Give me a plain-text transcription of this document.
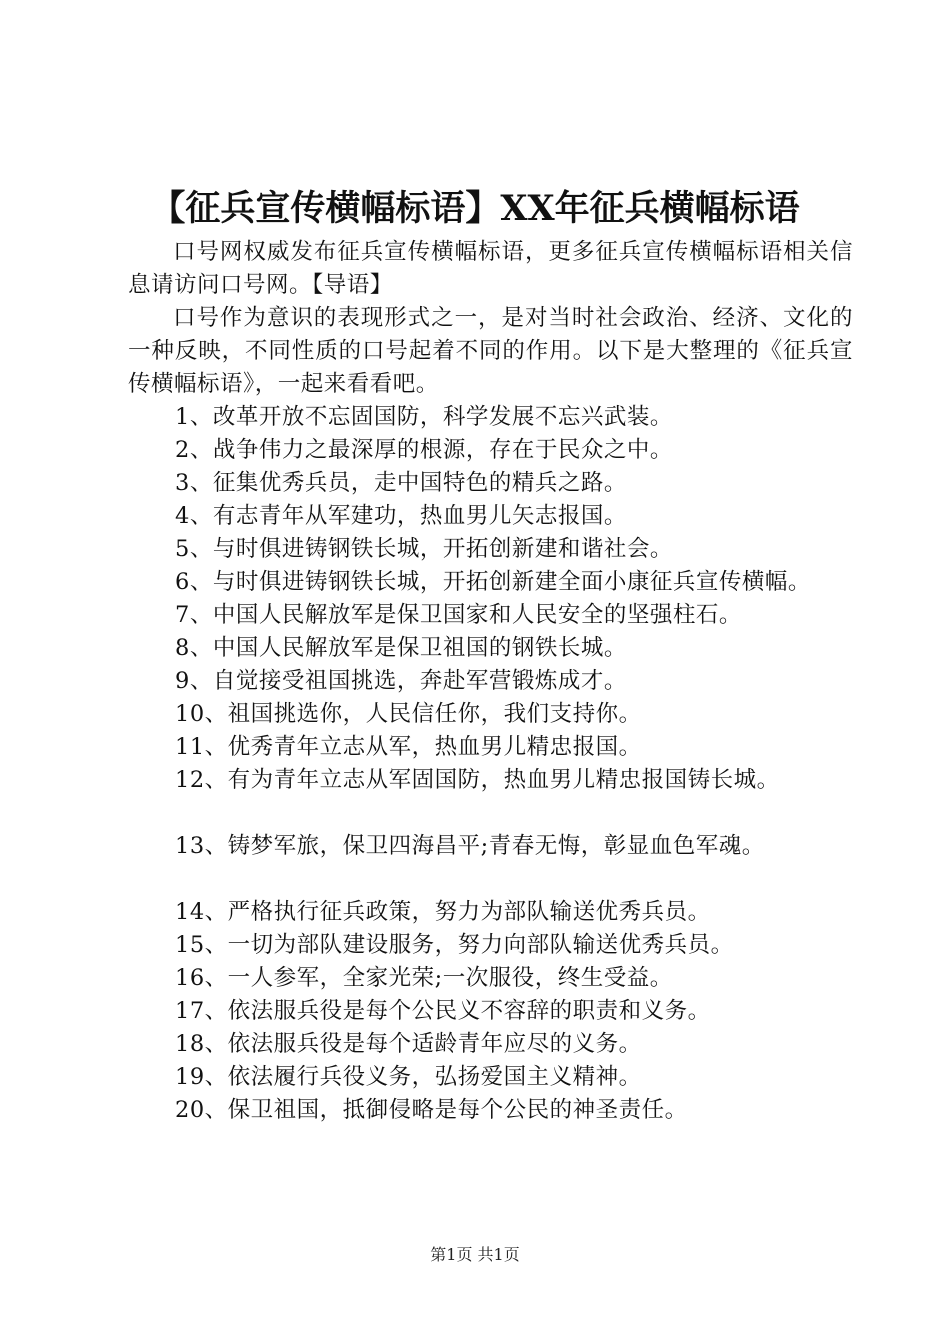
【征兵宣传横幅标语】XX年征兵横幅标语

口号网权威发布征兵宣传横幅标语，更多征兵宣传横幅标语相关信息请访问口号网。【导语】

口号作为意识的表现形式之一，是对当时社会政治、经济、文化的一种反映，不同性质的口号起着不同的作用。以下是大整理的《征兵宣传横幅标语》，一起来看看吧。

1、改革开放不忘固国防，科学发展不忘兴武装。

2、战争伟力之最深厚的根源，存在于民众之中。

3、征集优秀兵员，走中国特色的精兵之路。

4、有志青年从军建功，热血男儿矢志报国。

5、与时俱进铸钢铁长城，开拓创新建和谐社会。

6、与时俱进铸钢铁长城，开拓创新建全面小康征兵宣传横幅。

7、中国人民解放军是保卫国家和人民安全的坚强柱石。

8、中国人民解放军是保卫祖国的钢铁长城。

9、自觉接受祖国挑选，奔赴军营锻炼成才。

10、祖国挑选你，人民信任你，我们支持你。

11、优秀青年立志从军，热血男儿精忠报国。

12、有为青年立志从军固国防，热血男儿精忠报国铸长城。

13、铸梦军旅，保卫四海昌平;青春无悔，彰显血色军魂。

14、严格执行征兵政策，努力为部队输送优秀兵员。

15、一切为部队建设服务，努力向部队输送优秀兵员。

16、一人参军，全家光荣;一次服役，终生受益。

17、依法服兵役是每个公民义不容辞的职责和义务。

18、依法服兵役是每个适龄青年应尽的义务。

19、依法履行兵役义务，弘扬爱国主义精神。

20、保卫祖国，抵御侵略是每个公民的神圣责任。

第1页 共1页
